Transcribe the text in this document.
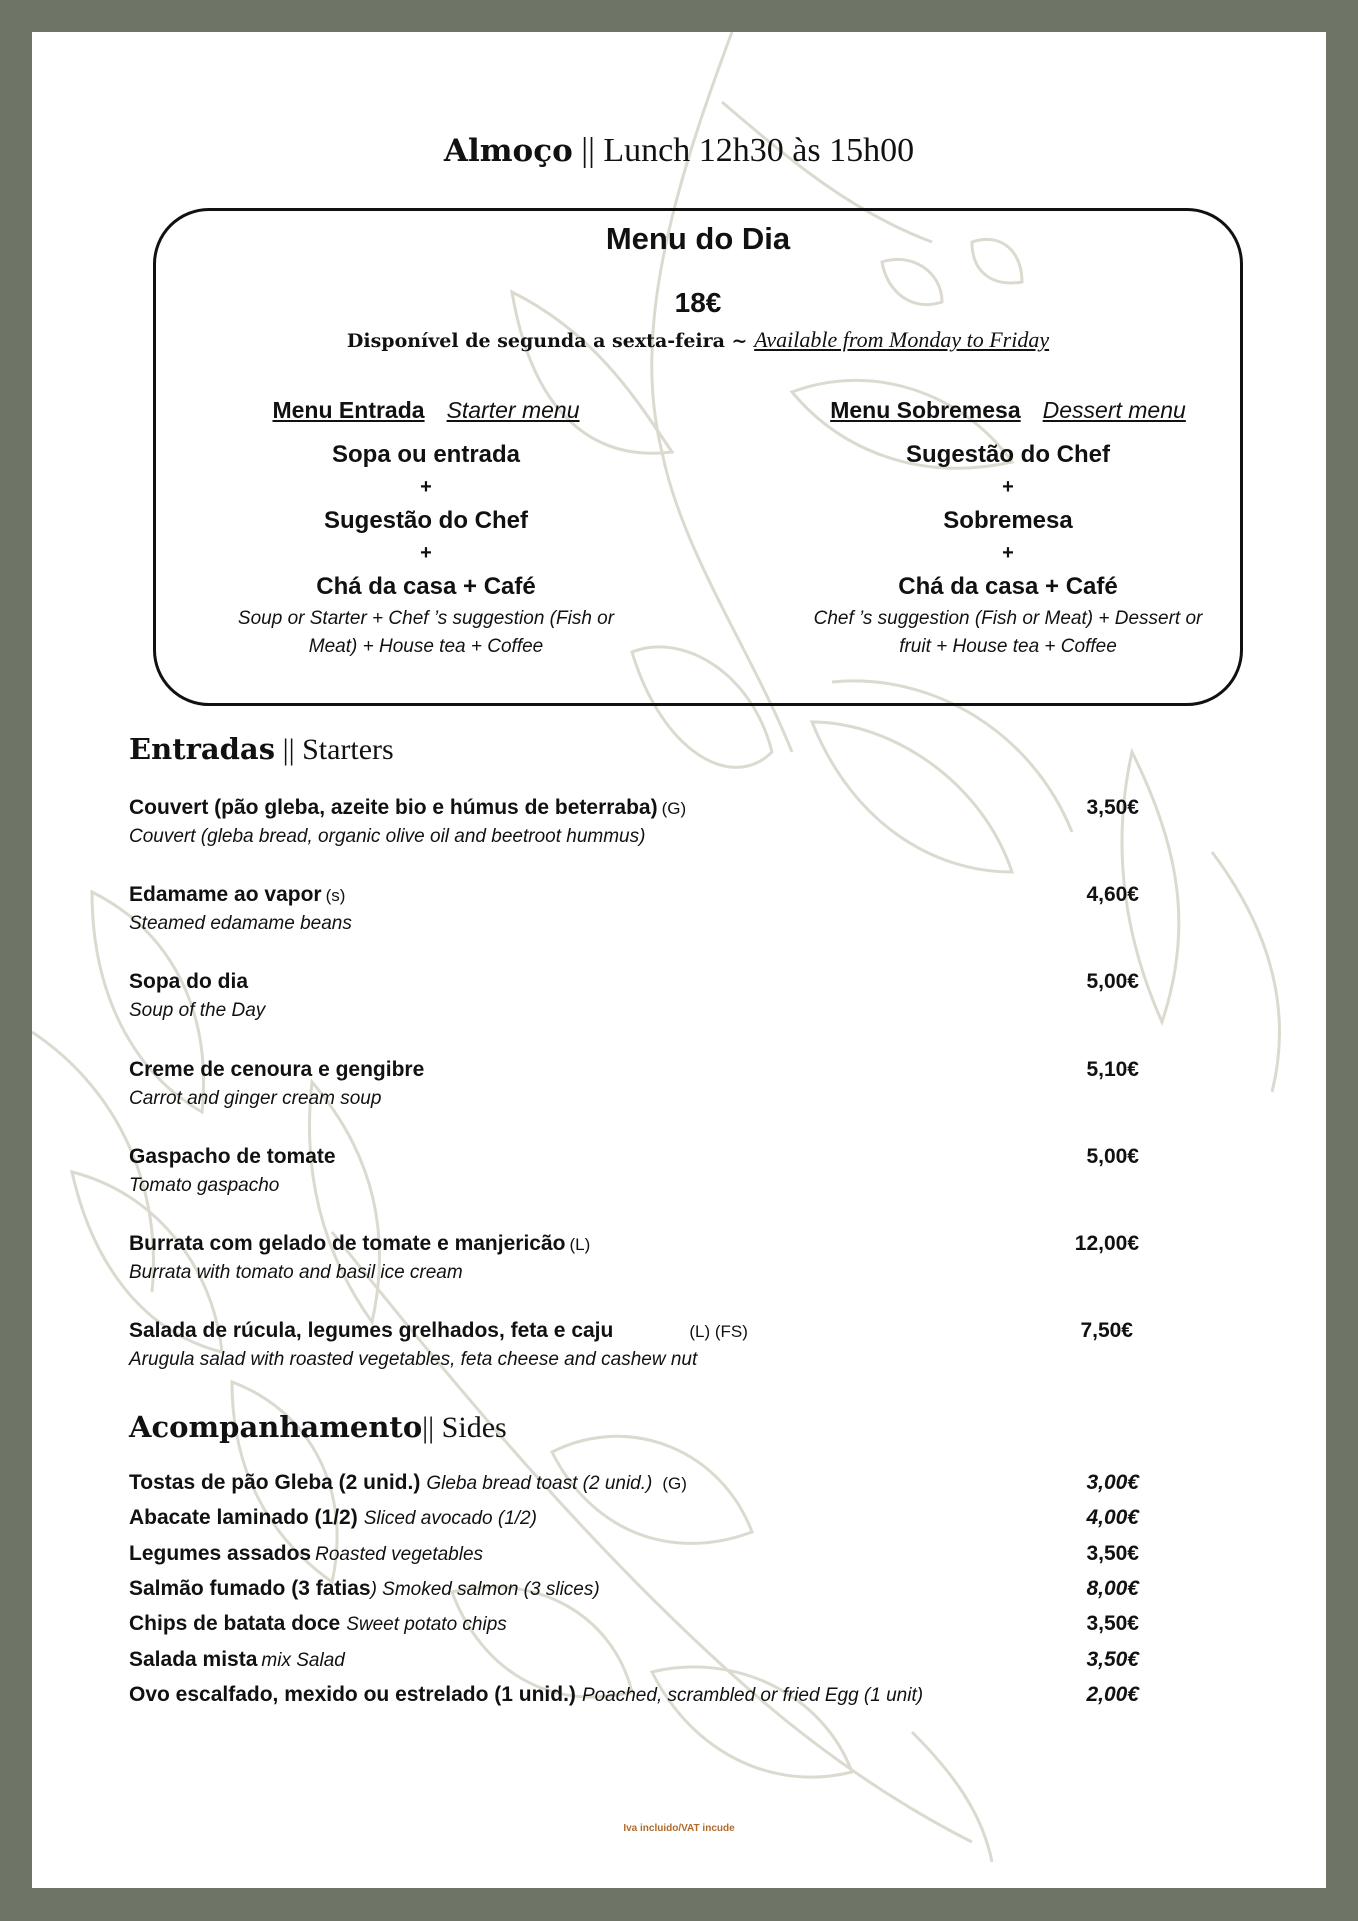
Almoço || Lunch 12h30 às 15h00
Menu do Dia
18€
Disponível de segunda a sexta-feira ~ Available from Monday to Friday
Menu Entrada Starter menu
Sopa ou entrada
+
Sugestão do Chef
+
Chá da casa + Café
Soup or Starter + Chef ’s suggestion (Fish or Meat) + House tea + Coffee
Menu Sobremesa Dessert menu
Sugestão do Chef
+
Sobremesa
+
Chá da casa + Café
Chef ’s suggestion (Fish or Meat) + Dessert or fruit + House tea + Coffee
Entradas || Starters
Couvert (pão gleba, azeite bio e húmus de beterraba) (G)
Couvert (gleba bread, organic olive oil and beetroot hummus)
3,50€
Edamame ao vapor (s)
Steamed edamame beans
4,60€
Sopa do dia
Soup of the Day
5,00€
Creme de cenoura e gengibre
Carrot and ginger cream soup
5,10€
Gaspacho de tomate
Tomato gaspacho
5,00€
Burrata com gelado de tomate e manjericão (L)
Burrata with tomato and basil ice cream
12,00€
Salada de rúcula, legumes grelhados, feta e caju	(L) (FS)
Arugula salad with roasted vegetables, feta cheese and cashew nut
7,50€
Acompanhamento|| Sides
Tostas de pão Gleba (2 unid.) Gleba bread toast (2 unid.) (G)	3,00€
Abacate laminado (1/2) Sliced avocado (1/2)	4,00€
Legumes assados Roasted vegetables	3,50€
Salmão fumado (3 fatias) Smoked salmon (3 slices)	8,00€
Chips de batata doce Sweet potato chips	3,50€
Salada mista mix Salad	3,50€
Ovo escalfado, mexido ou estrelado (1 unid.) Poached, scrambled or fried Egg (1 unit)	2,00€
Iva incluido/VAT incude
